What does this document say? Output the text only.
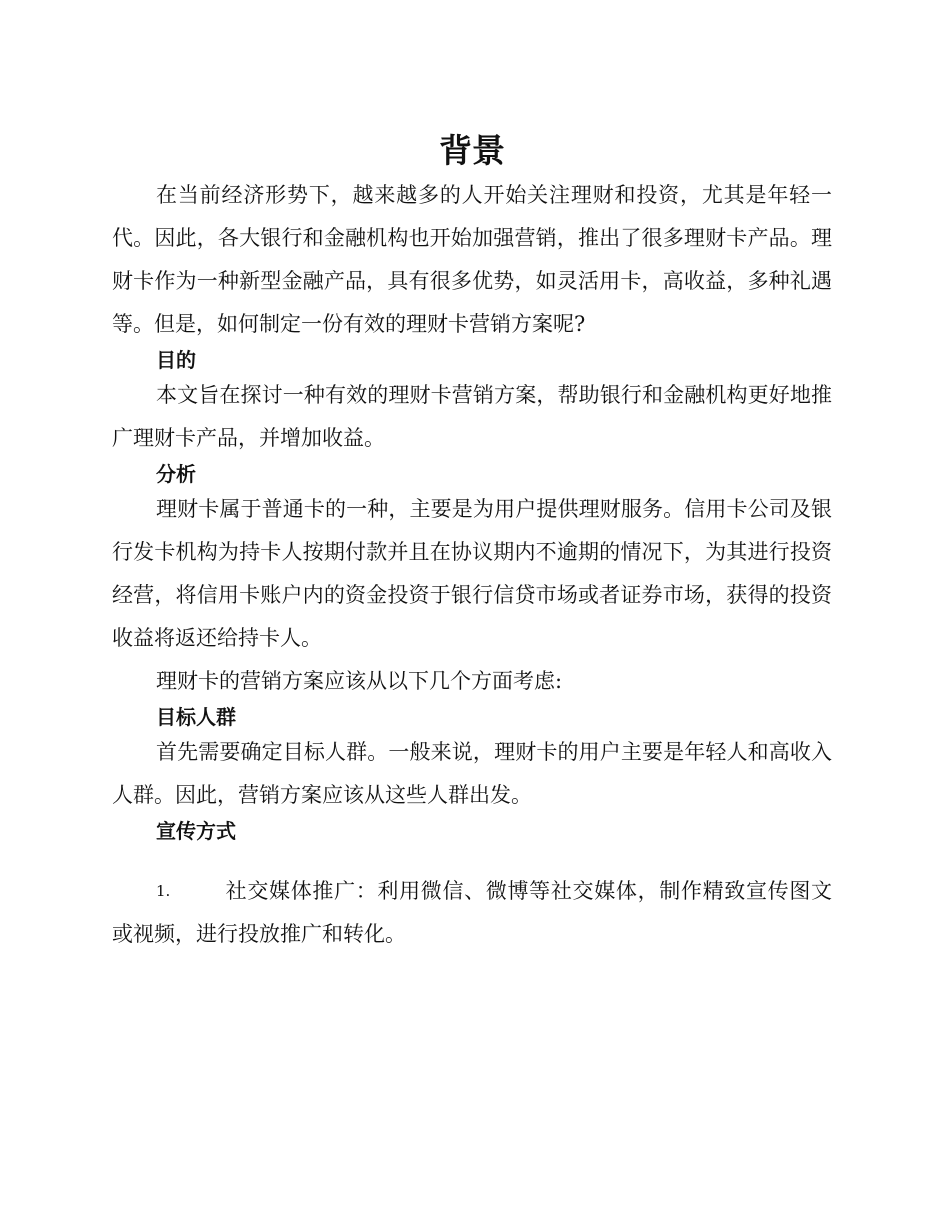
背景

在当前经济形势下，越来越多的人开始关注理财和投资，尤其是年轻一代。因此，各大银行和金融机构也开始加强营销，推出了很多理财卡产品。理财卡作为一种新型金融产品，具有很多优势，如灵活用卡，高收益，多种礼遇等。但是，如何制定一份有效的理财卡营销方案呢?

目的

本文旨在探讨一种有效的理财卡营销方案，帮助银行和金融机构更好地推广理财卡产品，并增加收益。

分析

理财卡属于普通卡的一种，主要是为用户提供理财服务。信用卡公司及银行发卡机构为持卡人按期付款并且在协议期内不逾期的情况下，为其进行投资经营，将信用卡账户内的资金投资于银行信贷市场或者证券市场，获得的投资收益将返还给持卡人。

理财卡的营销方案应该从以下几个方面考虑:

目标人群

首先需要确定目标人群。一般来说，理财卡的用户主要是年轻人和高收入人群。因此，营销方案应该从这些人群出发。

宣传方式

1.	社交媒体推广：利用微信、微博等社交媒体，制作精致宣传图文或视频，进行投放推广和转化。
